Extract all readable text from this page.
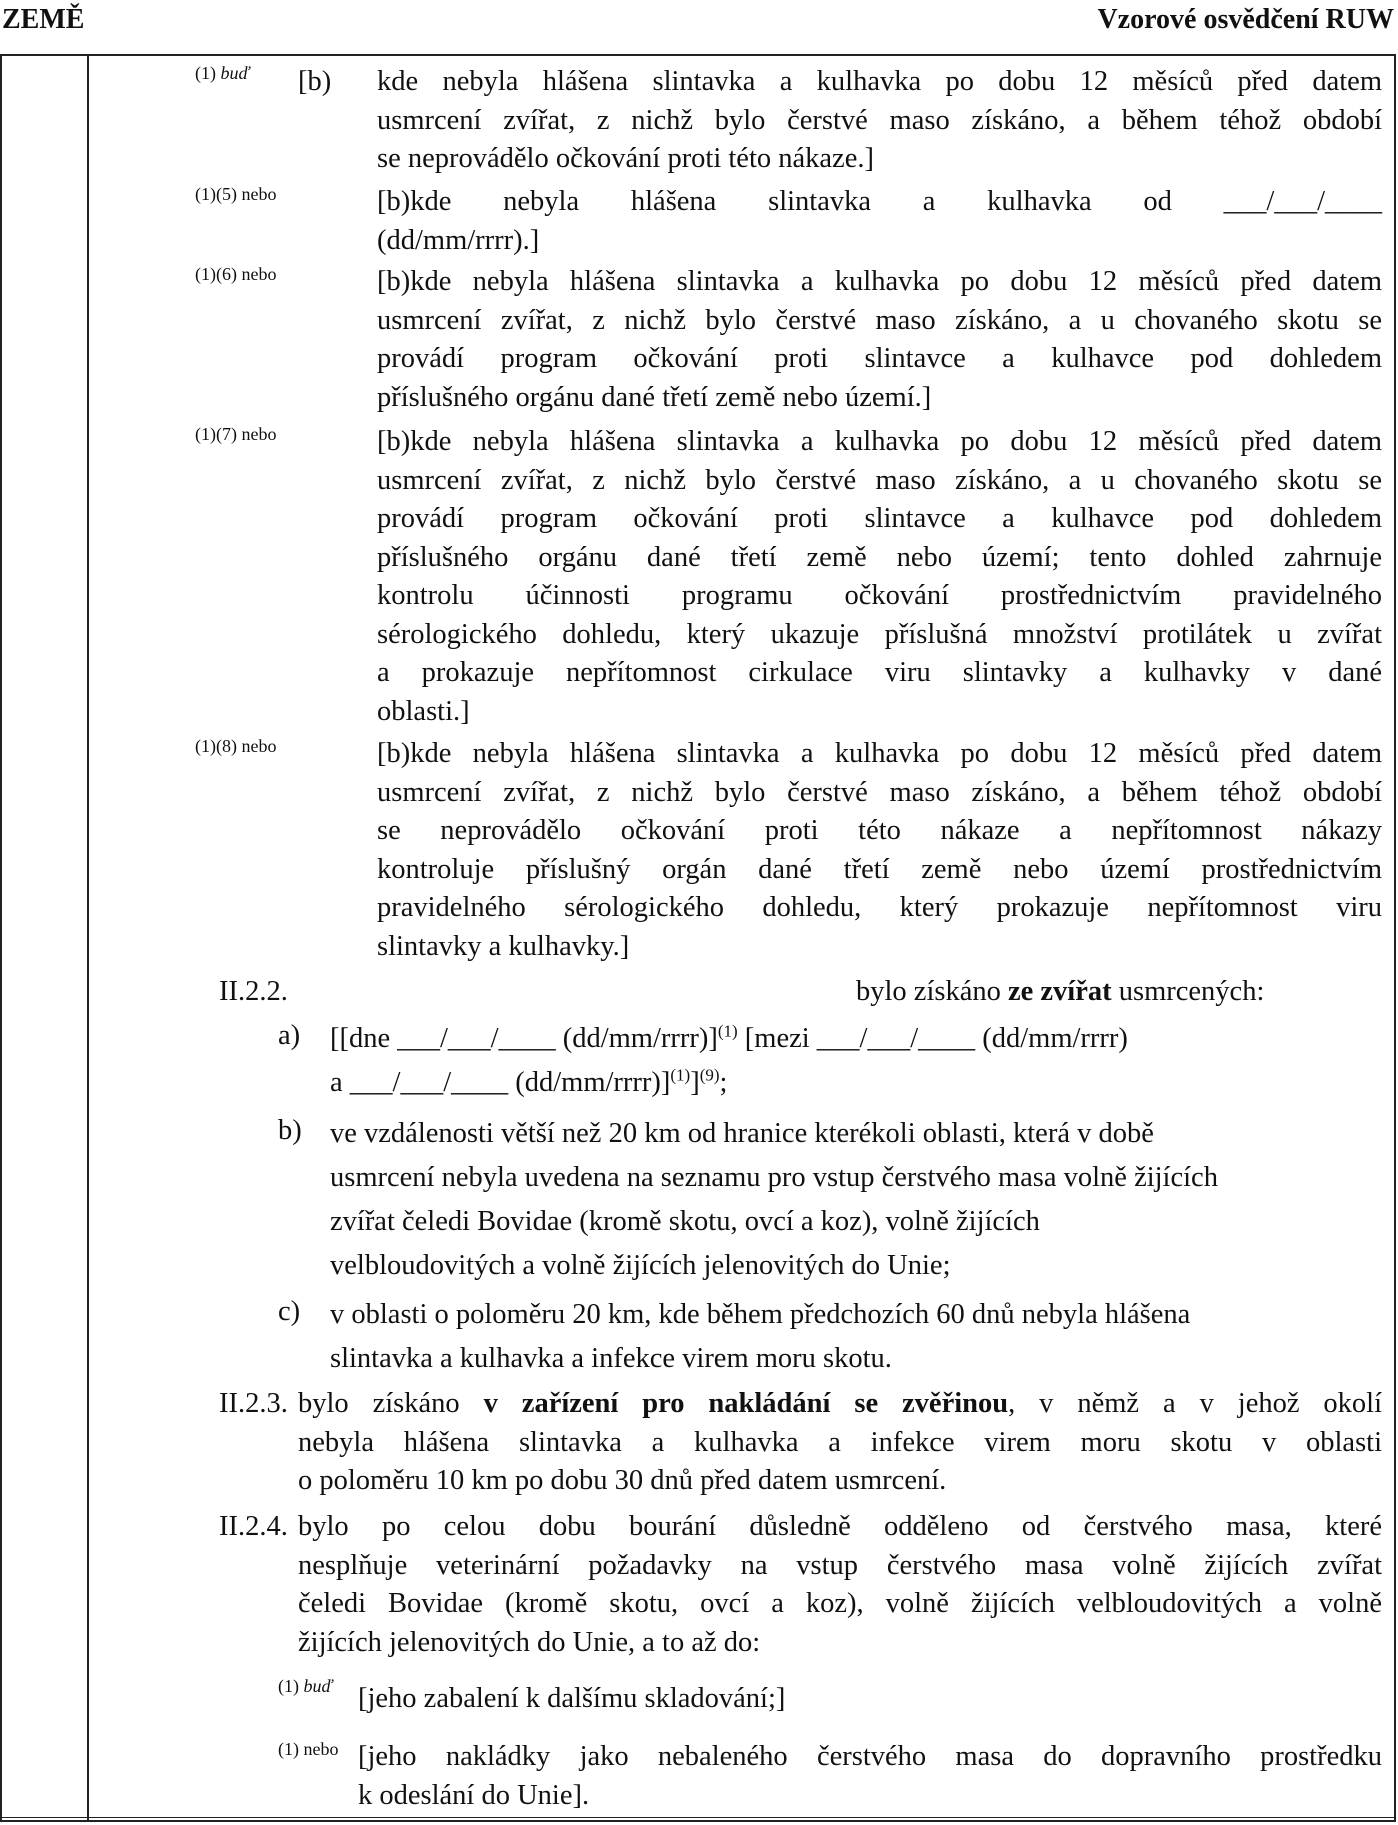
ZEMĚ	Vzorové osvědčení RUW
(1) buď [b) kde nebyla hlášena slintavka a kulhavka po dobu 12 měsíců před datem
usmrcení zvířat, z nichž bylo čerstvé maso získáno, a během téhož období
se neprovádělo očkování proti této nákaze.]
(1)(5) nebo	[b)kde nebyla hlášena slintavka a kulhavka od ___/___/____
(dd/mm/rrrr).]
(1)(6) nebo	[b)kde nebyla hlášena slintavka a kulhavka po dobu 12 měsíců před datem
usmrcení zvířat, z nichž bylo čerstvé maso získáno, a u chovaného skotu se
provádí program očkování proti slintavce a kulhavce pod dohledem
příslušného orgánu dané třetí země nebo území.]
(1)(7) nebo	[b)kde nebyla hlášena slintavka a kulhavka po dobu 12 měsíců před datem
usmrcení zvířat, z nichž bylo čerstvé maso získáno, a u chovaného skotu se
provádí program očkování proti slintavce a kulhavce pod dohledem
příslušného orgánu dané třetí země nebo území; tento dohled zahrnuje
kontrolu účinnosti programu očkování prostřednictvím pravidelného
sérologického dohledu, který ukazuje příslušná množství protilátek u zvířat
a prokazuje nepřítomnost cirkulace viru slintavky a kulhavky v dané
oblasti.]
(1)(8) nebo	[b)kde nebyla hlášena slintavka a kulhavka po dobu 12 měsíců před datem
usmrcení zvířat, z nichž bylo čerstvé maso získáno, a během téhož období
se neprovádělo očkování proti této nákaze a nepřítomnost nákazy
kontroluje příslušný orgán dané třetí země nebo území prostřednictvím
pravidelného sérologického dohledu, který prokazuje nepřítomnost viru
slintavky a kulhavky.]
II.2.2.	bylo získáno ze zvířat usmrcených:
a) [[dne ___/___/____ (dd/mm/rrrr)]$^{(1)}$ [mezi ___/___/____ (dd/mm/rrrr)
a ___/___/____ (dd/mm/rrrr)]$^{(1)}$]$^{(9)}$;
b) ve vzdálenosti větší než 20 km od hranice kterékoli oblasti, která v době
usmrcení nebyla uvedena na seznamu pro vstup čerstvého masa volně žijících
zvířat čeledi Bovidae (kromě skotu, ovcí a koz), volně žijících
velbloudovitých a volně žijících jelenovitých do Unie;
c) v oblasti o poloměru 20 km, kde během předchozích 60 dnů nebyla hlášena
slintavka a kulhavka a infekce virem moru skotu.
II.2.3. bylo získáno v zařízení pro nakládání se zvěřinou, v němž a v jehož okolí
nebyla hlášena slintavka a kulhavka a infekce virem moru skotu v oblasti
o poloměru 10 km po dobu 30 dnů před datem usmrcení.
II.2.4. bylo po celou dobu bourání důsledně odděleno od čerstvého masa, které
nesplňuje veterinární požadavky na vstup čerstvého masa volně žijících zvířat
čeledi Bovidae (kromě skotu, ovcí a koz), volně žijících velbloudovitých a volně
žijících jelenovitých do Unie, a to až do:
(1) buď [jeho zabalení k dalšímu skladování;]
(1) nebo [jeho nakládky jako nebaleného čerstvého masa do dopravního prostředku
k odeslání do Unie].
